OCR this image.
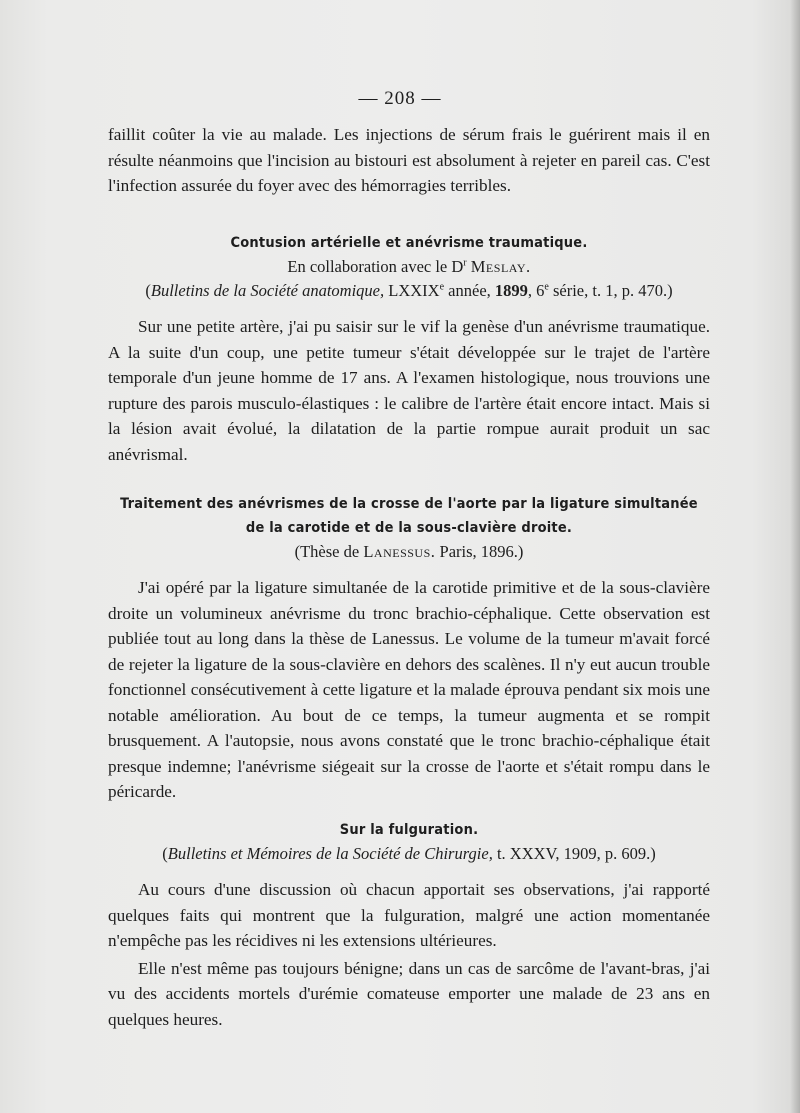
— 208 —

faillit coûter la vie au malade. Les injections de sérum frais le guérirent mais il en résulte néanmoins que l'incision au bistouri est absolument à rejeter en pareil cas. C'est l'infection assurée du foyer avec des hémorragies terribles.

Contusion artérielle et anévrisme traumatique.
En collaboration avec le $D^r$ Meslay.
(Bulletins de la Société anatomique, LXXIXe année, 1899, 6e série, t. 1, p. 470.)

Sur une petite artère, j'ai pu saisir sur le vif la genèse d'un anévrisme traumatique. A la suite d'un coup, une petite tumeur s'était développée sur le trajet de l'artère temporale d'un jeune homme de 17 ans. A l'examen histologique, nous trouvions une rupture des parois musculo-élastiques : le calibre de l'artère était encore intact. Mais si la lésion avait évolué, la dilatation de la partie rompue aurait produit un sac anévrismal.

Traitement des anévrismes de la crosse de l'aorte par la ligature simultanée
de la carotide et de la sous-clavière droite.
(Thèse de Lanessus. Paris, 1896.)

J'ai opéré par la ligature simultanée de la carotide primitive et de la sous-clavière droite un volumineux anévrisme du tronc brachio-céphalique. Cette observation est publiée tout au long dans la thèse de Lanessus. Le volume de la tumeur m'avait forcé de rejeter la ligature de la sous-clavière en dehors des scalènes. Il n'y eut aucun trouble fonctionnel consécutivement à cette ligature et la malade éprouva pendant six mois une notable amélioration. Au bout de ce temps, la tumeur augmenta et se rompit brusquement. A l'autopsie, nous avons constaté que le tronc brachio-céphalique était presque indemne; l'anévrisme siégeait sur la crosse de l'aorte et s'était rompu dans le péricarde.

Sur la fulguration.
(Bulletins et Mémoires de la Société de Chirurgie, t. XXXV, 1909, p. 609.)

Au cours d'une discussion où chacun apportait ses observations, j'ai rapporté quelques faits qui montrent que la fulguration, malgré une action momentanée n'empêche pas les récidives ni les extensions ultérieures.

Elle n'est même pas toujours bénigne; dans un cas de sarcôme de l'avant-bras, j'ai vu des accidents mortels d'urémie comateuse emporter une malade de 23 ans en quelques heures.
